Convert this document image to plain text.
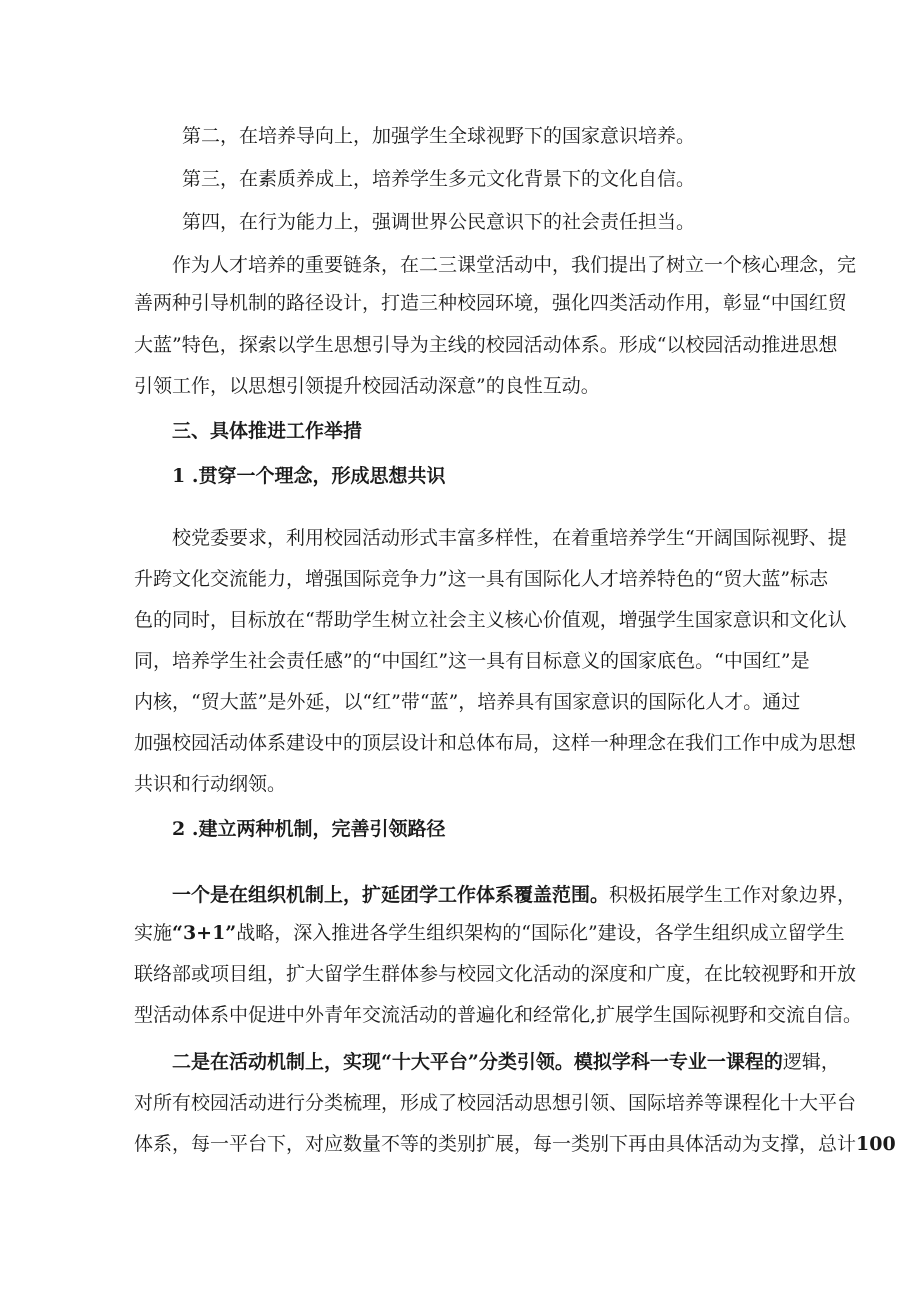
第二，在培养导向上，加强学生全球视野下的国家意识培养。
第三，在素质养成上，培养学生多元文化背景下的文化自信。
第四，在行为能力上，强调世界公民意识下的社会责任担当。
作为人才培养的重要链条，在二三课堂活动中，我们提出了树立一个核心理念，完
善两种引导机制的路径设计，打造三种校园环境，强化四类活动作用，彰显“中国红贸
大蓝”特色，探索以学生思想引导为主线的校园活动体系。形成“以校园活动推进思想
引领工作，以思想引领提升校园活动深意”的良性互动。
三、具体推进工作举措
1 .贯穿一个理念，形成思想共识
校党委要求，利用校园活动形式丰富多样性，在着重培养学生“开阔国际视野、提
升跨文化交流能力，增强国际竞争力”这一具有国际化人才培养特色的“贸大蓝”标志
色的同时，目标放在“帮助学生树立社会主义核心价值观，增强学生国家意识和文化认
同，培养学生社会责任感”的“中国红”这一具有目标意义的国家底色。“中国红”是
内核，“贸大蓝”是外延，以“红”带“蓝”，培养具有国家意识的国际化人才。通过
加强校园活动体系建设中的顶层设计和总体布局，这样一种理念在我们工作中成为思想
共识和行动纲领。
2 .建立两种机制，完善引领路径
一个是在组织机制上，扩延团学工作体系覆盖范围。积极拓展学生工作对象边界，
实施“3+1”战略，深入推进各学生组织架构的“国际化”建设，各学生组织成立留学生
联络部或项目组，扩大留学生群体参与校园文化活动的深度和广度，在比较视野和开放
型活动体系中促进中外青年交流活动的普遍化和经常化,扩展学生国际视野和交流自信。
二是在活动机制上，实现“十大平台”分类引领。模拟学科一专业一课程的逻辑，
对所有校园活动进行分类梳理，形成了校园活动思想引领、国际培养等课程化十大平台
体系，每一平台下，对应数量不等的类别扩展，每一类别下再由具体活动为支撑，总计100
